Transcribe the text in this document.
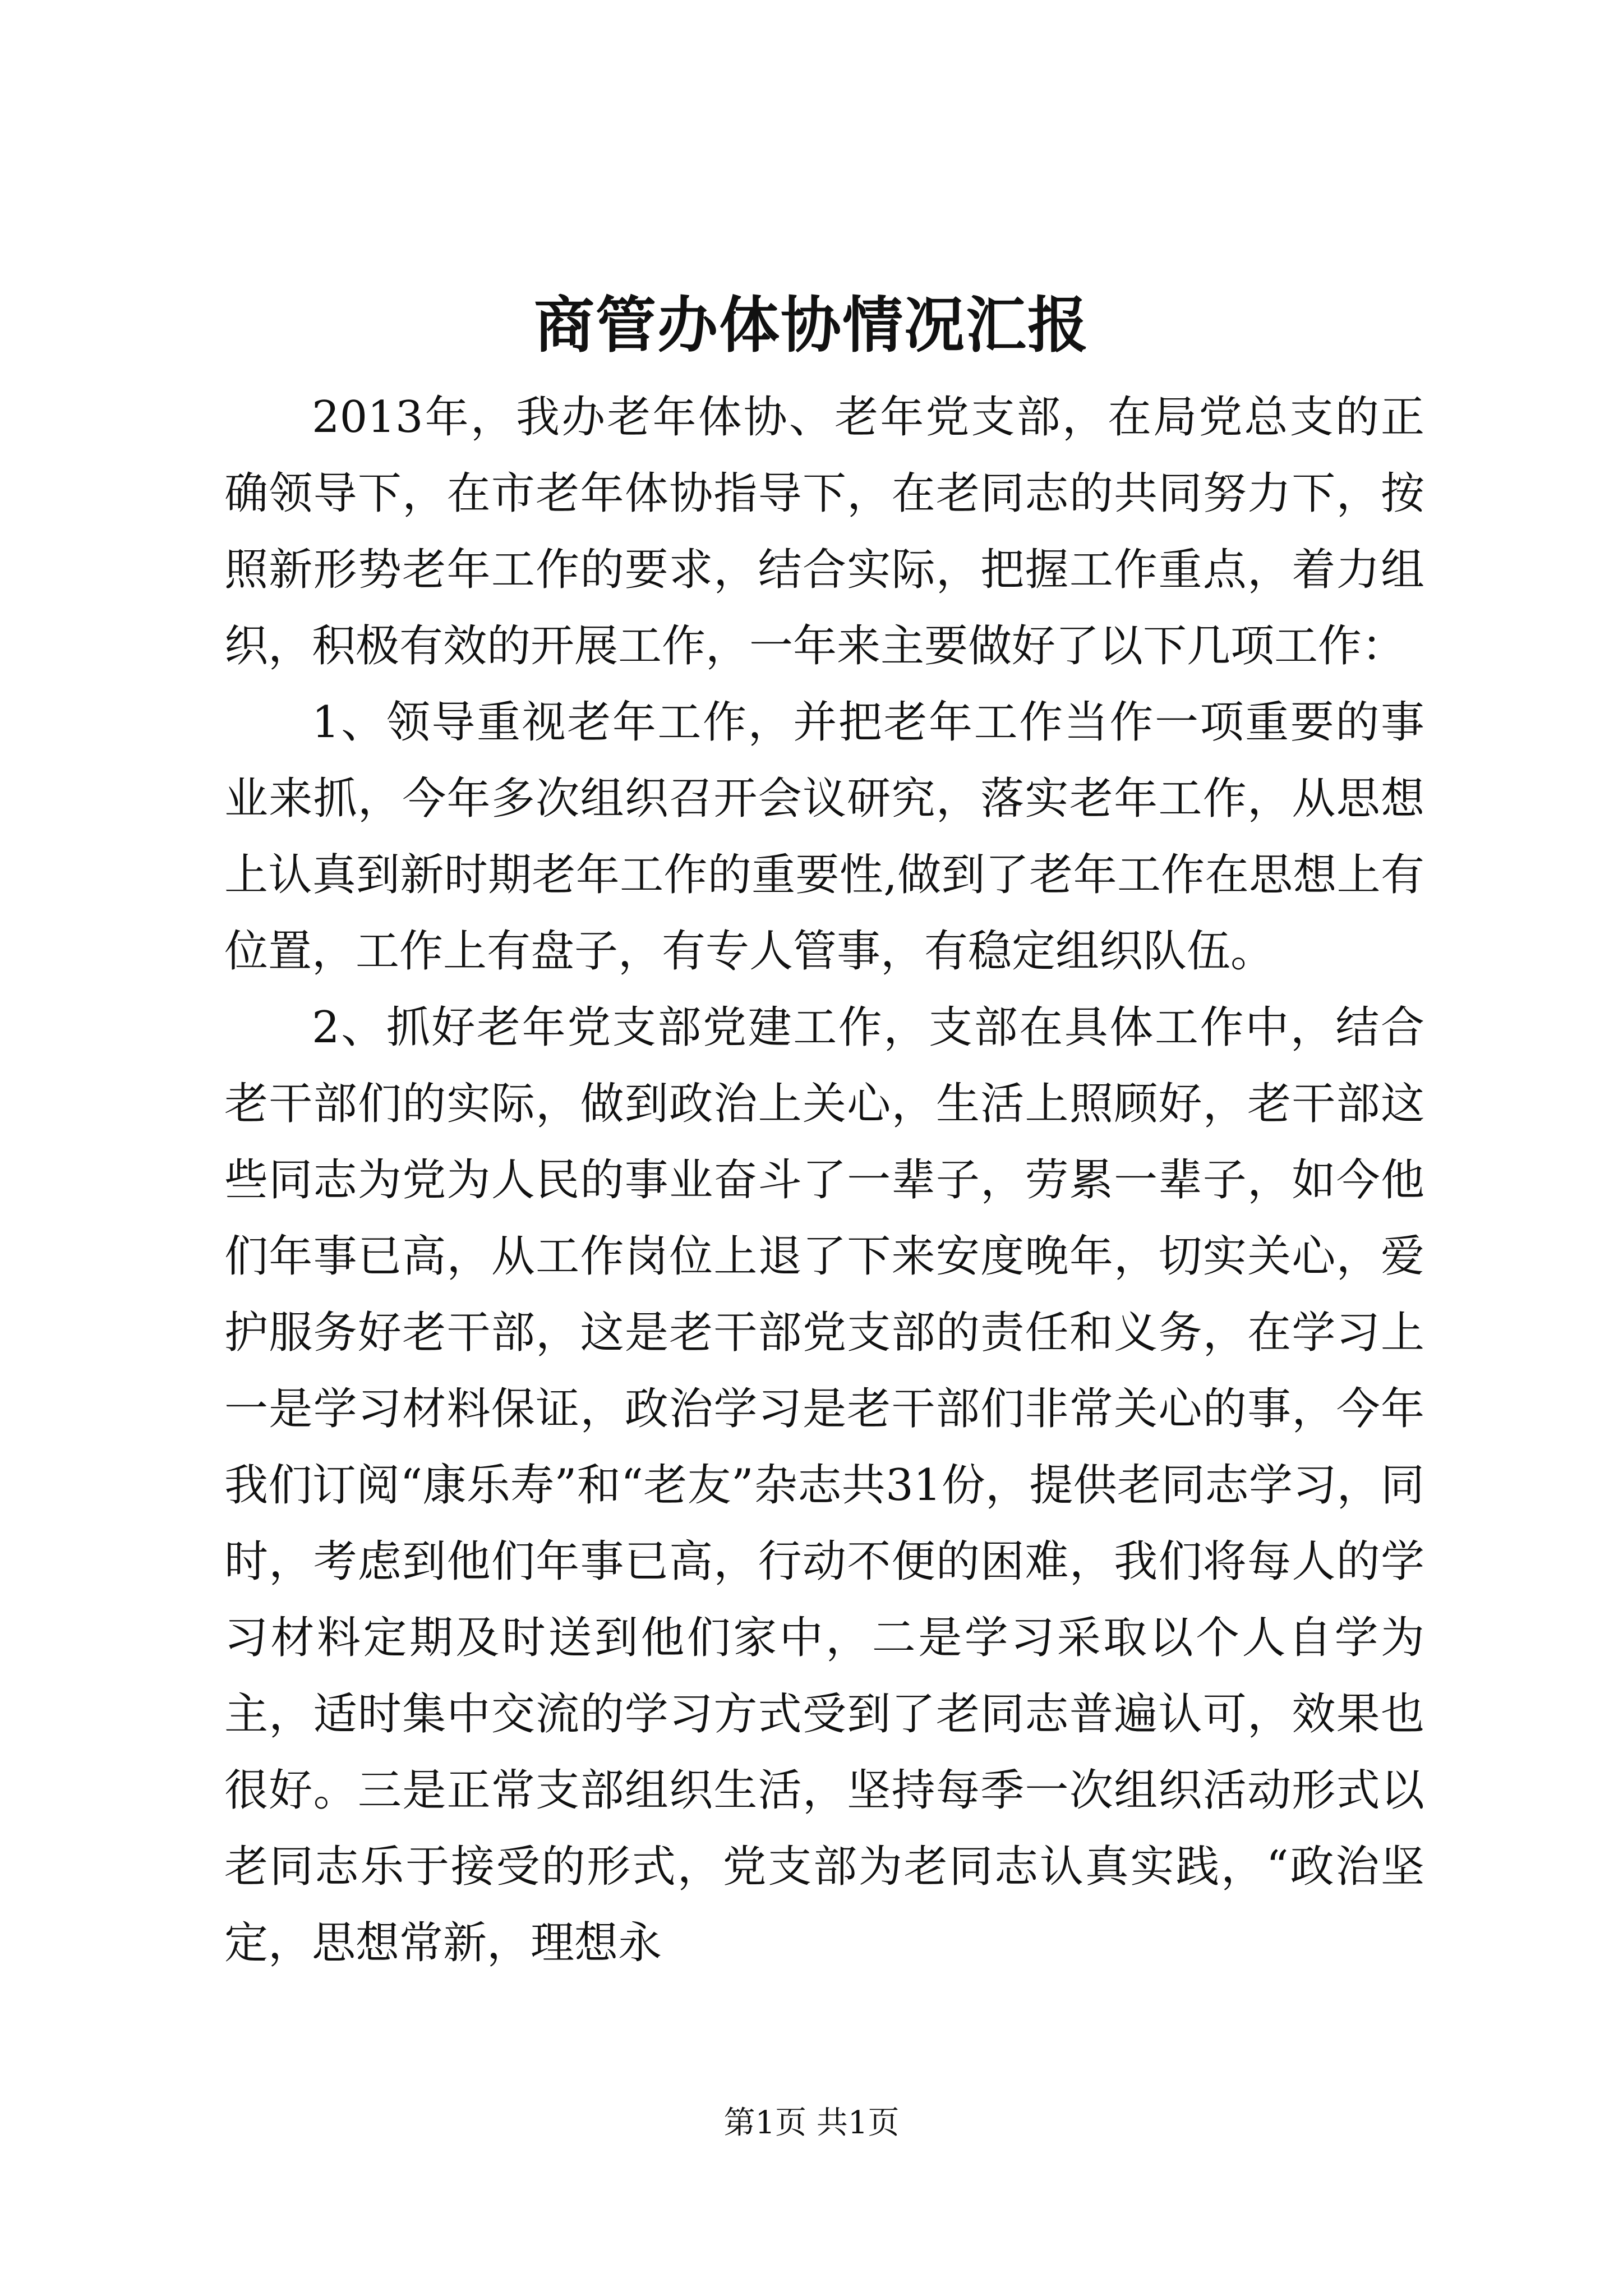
商管办体协情况汇报

2013年，我办老年体协、老年党支部，在局党总支的正确领导下，在市老年体协指导下，在老同志的共同努力下，按照新形势老年工作的要求，结合实际，把握工作重点，着力组织，积极有效的开展工作，一年来主要做好了以下几项工作：

1、领导重视老年工作，并把老年工作当作一项重要的事业来抓，今年多次组织召开会议研究，落实老年工作，从思想上认真到新时期老年工作的重要性,做到了老年工作在思想上有位置，工作上有盘子，有专人管事，有稳定组织队伍。

2、抓好老年党支部党建工作，支部在具体工作中，结合老干部们的实际，做到政治上关心，生活上照顾好，老干部这些同志为党为人民的事业奋斗了一辈子，劳累一辈子，如今他们年事已高，从工作岗位上退了下来安度晚年，切实关心，爱护服务好老干部，这是老干部党支部的责任和义务，在学习上一是学习材料保证，政治学习是老干部们非常关心的事，今年我们订阅“康乐寿”和“老友”杂志共31份，提供老同志学习，同时，考虑到他们年事已高，行动不便的困难，我们将每人的学习材料定期及时送到他们家中，二是学习采取以个人自学为主，适时集中交流的学习方式受到了老同志普遍认可，效果也很好。三是正常支部组织生活，坚持每季一次组织活动形式以老同志乐于接受的形式，党支部为老同志认真实践，“政治坚定，思想常新，理想永

第1页 共1页
